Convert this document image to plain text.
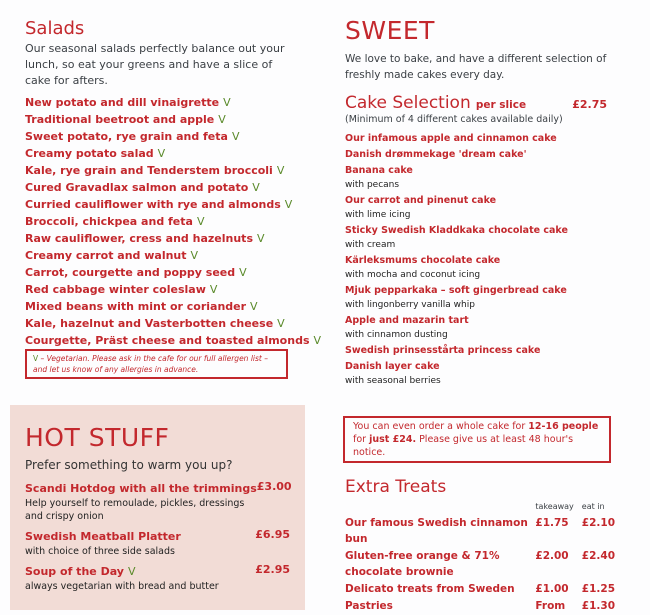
Salads
Our seasonal salads perfectly balance out your lunch, so eat your greens and have a slice of cake for afters.
New potato and dill vinaigrette V
Traditional beetroot and apple V
Sweet potato, rye grain and feta V
Creamy potato salad V
Kale, rye grain and Tenderstem broccoli V
Cured Gravadlax salmon and potato V
Curried cauliflower with rye and almonds V
Broccoli, chickpea and feta V
Raw cauliflower, cress and hazelnuts V
Creamy carrot and walnut V
Carrot, courgette and poppy seed V
Red cabbage winter coleslaw V
Mixed beans with mint or coriander V
Kale, hazelnut and Vasterbotten cheese V
Courgette, Präst cheese and toasted almonds V
V – Vegetarian. Please ask in the cafe for our full allergen list – and let us know of any allergies in advance.
HOT STUFF
Prefer something to warm you up?
Scandi Hotdog with all the trimmings £3.00
Help yourself to remoulade, pickles, dressings and crispy onion
Swedish Meatball Platter	£6.95
with choice of three side salads
Soup of the Day V	£2.95
always vegetarian with bread and butter
SWEET
We love to bake, and have a different selection of freshly made cakes every day.
Cake Selection per slice	£2.75
(Minimum of 4 different cakes available daily)
Our infamous apple and cinnamon cake
Danish drømmekage 'dream cake'
Banana cake
with pecans
Our carrot and pinenut cake
with lime icing
Sticky Swedish Kladdkaka chocolate cake
with cream
Kärleksmums chocolate cake
with mocha and coconut icing
Mjuk pepparkaka – soft gingerbread cake
with lingonberry vanilla whip
Apple and mazarin tart
with cinnamon dusting
Swedish prinsesstårta princess cake
Danish layer cake
with seasonal berries
You can even order a whole cake for 12-16 people for just £24. Please give us at least 48 hour's notice.
Extra Treats
	takeaway	eat in
Our famous Swedish cinnamon bun	£1.75	£2.10
Gluten-free orange & 71% chocolate brownie	£2.00	£2.40
Delicato treats from Sweden	£1.00	£1.25
Pastries	From	£1.30
